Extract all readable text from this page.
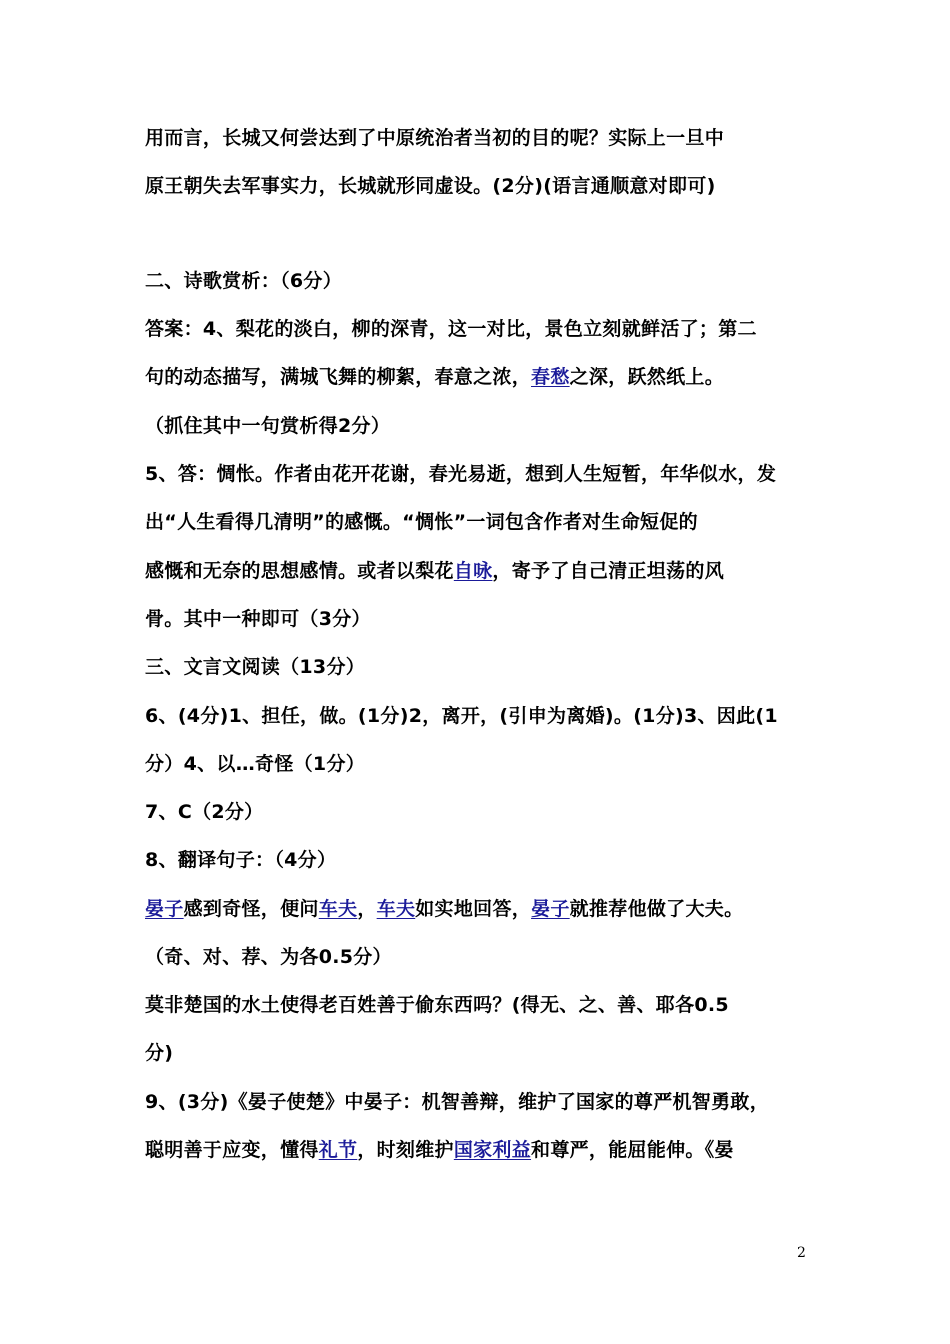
用而言，长城又何尝达到了中原统治者当初的目的呢？实际上一旦中
原王朝失去军事实力，长城就形同虚设。(2分)(语言通顺意对即可)
二、诗歌赏析：（6分）
答案：4、梨花的淡白，柳的深青，这一对比，景色立刻就鲜活了；第二
句的动态描写，满城飞舞的柳絮，春意之浓，春愁之深，跃然纸上。
（抓住其中一句赏析得2分）
5、答：惆怅。作者由花开花谢，春光易逝，想到人生短暂，年华似水，发
出“人生看得几清明”的感慨。“惆怅”一词包含作者对生命短促的
感慨和无奈的思想感情。或者以梨花自咏，寄予了自己清正坦荡的风
骨。其中一种即可（3分）
三、文言文阅读（13分）
6、(4分)1、担任，做。(1分)2，离开，(引申为离婚)。(1分)3、因此(1
分）4、以…奇怪（1分）
7、C（2分）
8、翻译句子：（4分）
晏子感到奇怪，便问车夫，车夫如实地回答，晏子就推荐他做了大夫。
（奇、对、荐、为各0.5分）
莫非楚国的水土使得老百姓善于偷东西吗？(得无、之、善、耶各0.5
分)
9、(3分)《晏子使楚》中晏子：机智善辩，维护了国家的尊严机智勇敢，
聪明善于应变，懂得礼节，时刻维护国家利益和尊严，能屈能伸。《晏
2
